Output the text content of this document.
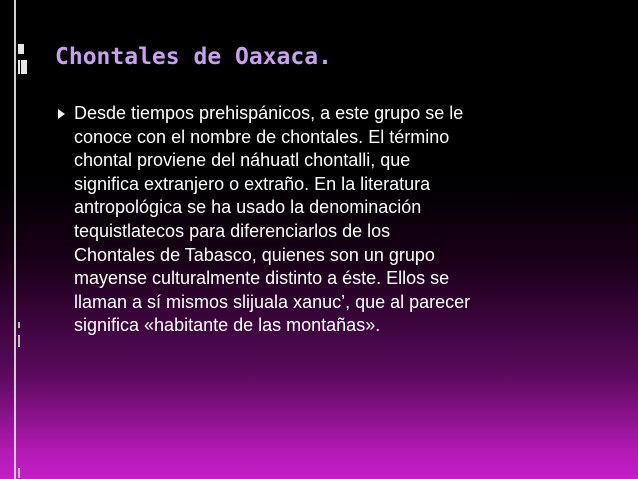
Chontales de Oaxaca.

Desde tiempos prehispánicos, a este grupo se le
conoce con el nombre de chontales. El término
chontal proviene del náhuatl chontalli, que
significa extranjero o extraño. En la literatura
antropológica se ha usado la denominación
tequistlatecos para diferenciarlos de los
Chontales de Tabasco, quienes son un grupo
mayense culturalmente distinto a éste. Ellos se
llaman a sí mismos slijuala xanuc’, que al parecer
significa «habitante de las montañas».
